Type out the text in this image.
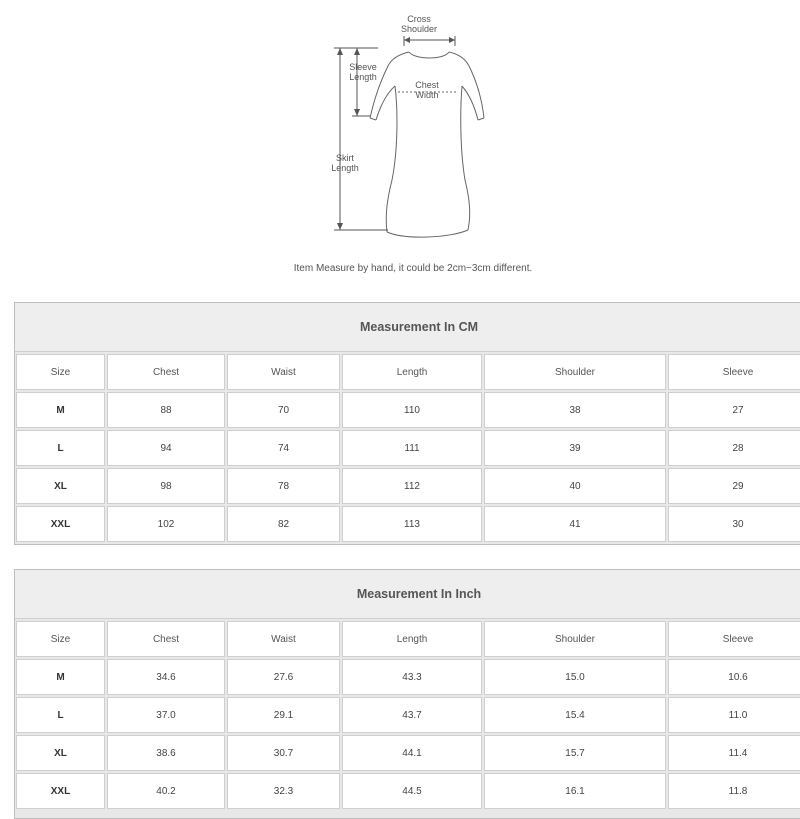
Cross
Shoulder
Sleeve
Length
Chest
Width
Skirt
Length
Item Measure by hand, it could be 2cm~3cm different.
Measurement In CM
Size	Chest	Waist	Length	Shoulder	Sleeve
M	88	70	110	38	27
L	94	74	111	39	28
XL	98	78	112	40	29
XXL	102	82	113	41	30
Measurement In Inch
Size	Chest	Waist	Length	Shoulder	Sleeve
M	34.6	27.6	43.3	15.0	10.6
L	37.0	29.1	43.7	15.4	11.0
XL	38.6	30.7	44.1	15.7	11.4
XXL	40.2	32.3	44.5	16.1	11.8
